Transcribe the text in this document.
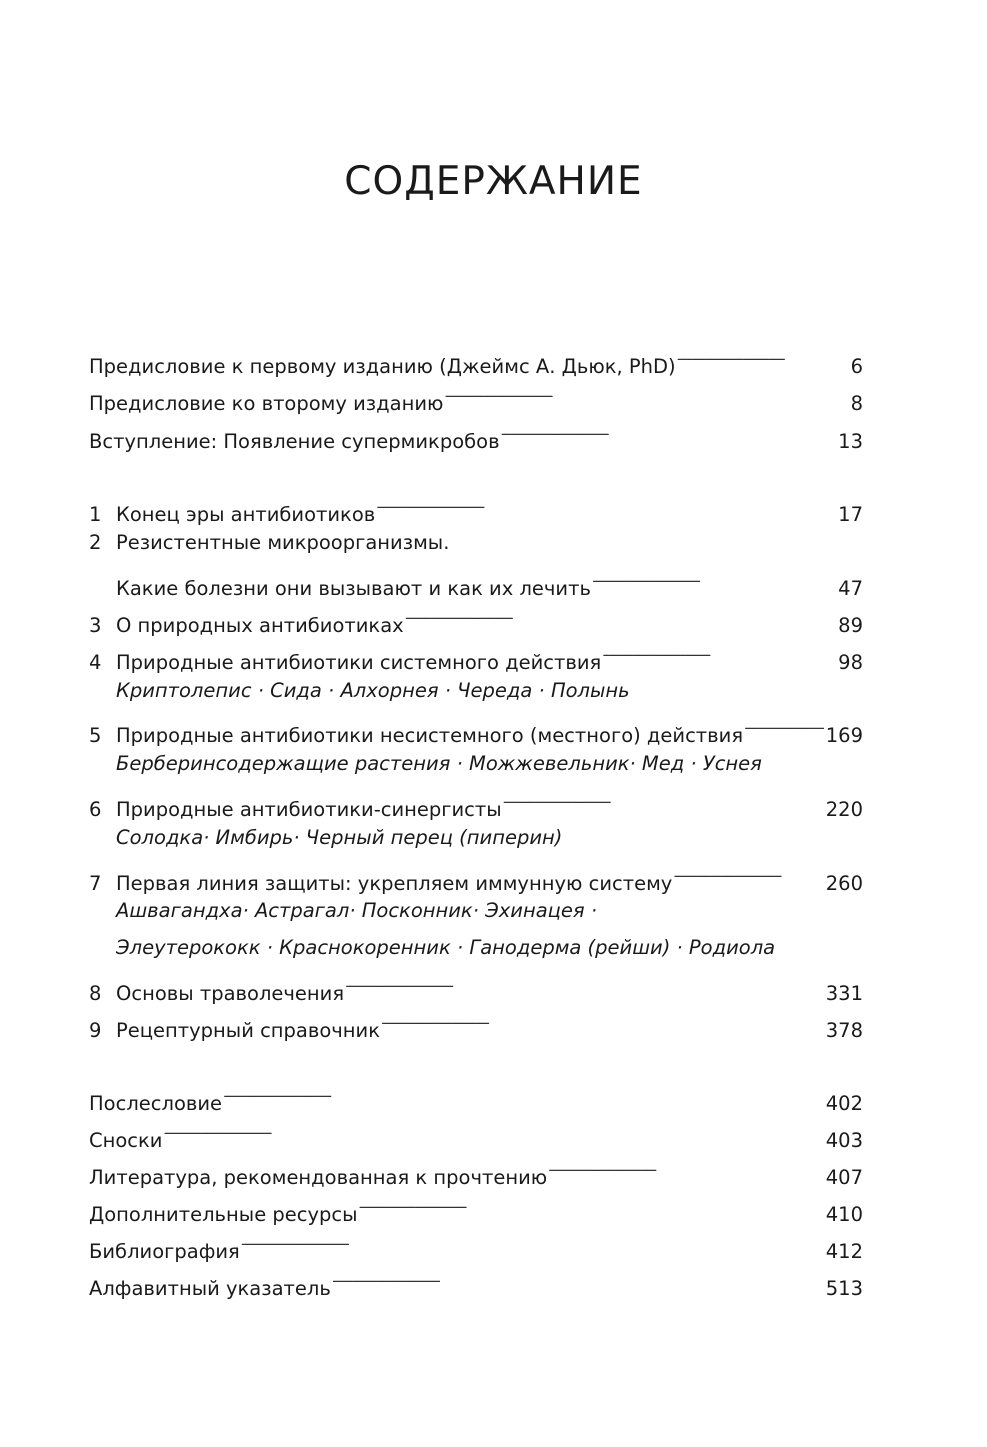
СОДЕРЖАНИЕ
Предисловие к первому изданию (Джеймс А. Дьюк, PhD) . . .	6
Предисловие ко второму изданию . . .	8
Вступление: Появление супермикробов . . .	13
1 Конец эры антибиотиков . . .	17
2 Резистентные микроорганизмы.
Какие болезни они вызывают и как их лечить . . .	47
3 О природных антибиотиках . . .	89
4 Природные антибиотики системного действия . . .	98
Криптолепис · Сида · Алхорнея · Череда · Полынь
5 Природные антибиотики несистемного (местного) действия . . .	169
Берберинсодержащие растения · Можжевельник· Мед · Уснея
6 Природные антибиотики-синергисты . . .	220
Солодка· Имбирь· Черный перец (пиперин)
7 Первая линия защиты: укрепляем иммунную систему . . .	260
Ашвагандха· Астрагал· Посконник· Эхинацея ·
Элеутерококк · Краснокоренник · Ганодерма (рейши) · Родиола
8 Основы траволечения . . .	331
9 Рецептурный справочник . . .	378
Послесловие . . .	402
Сноски . . .	403
Литература, рекомендованная к прочтению . . .	407
Дополнительные ресурсы . . .	410
Библиография . . .	412
Алфавитный указатель . . .	513
